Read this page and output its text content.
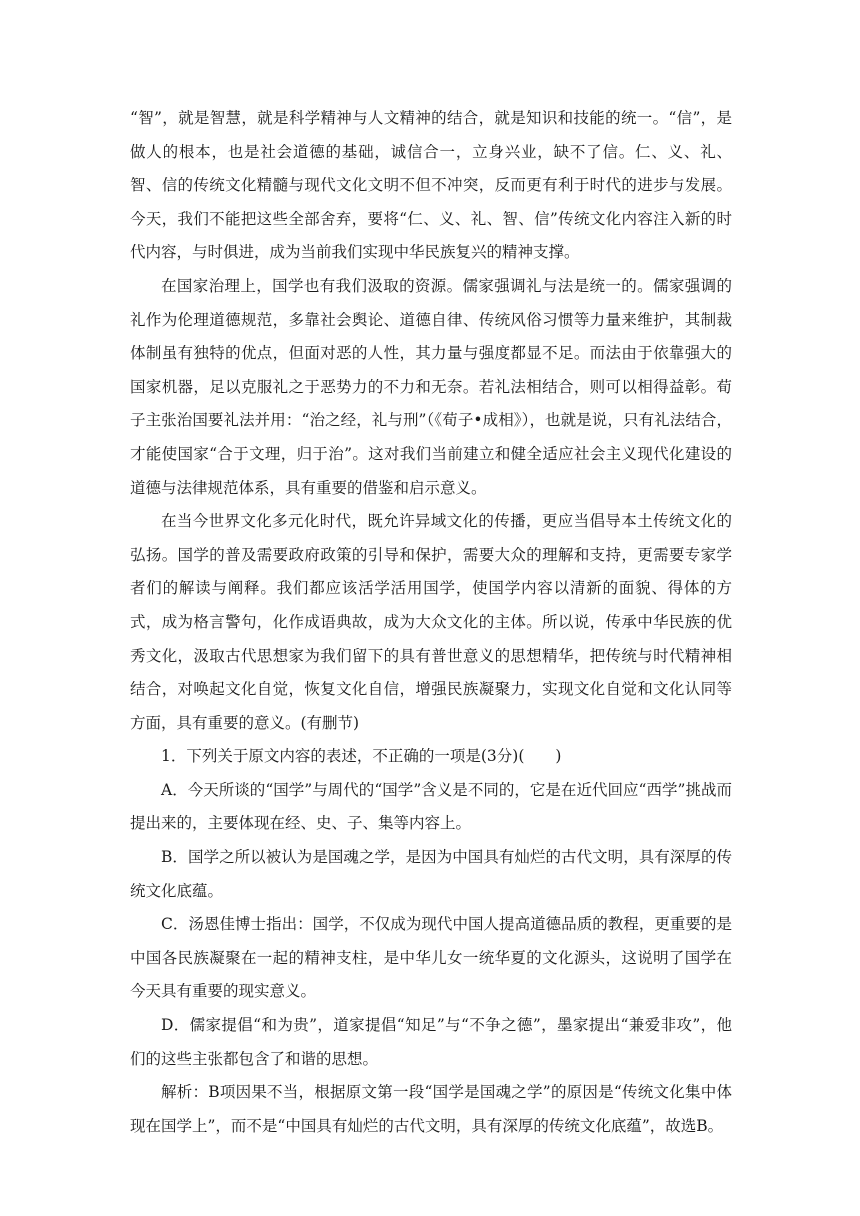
“智”，就是智慧，就是科学精神与人文精神的结合，就是知识和技能的统一。“信”，是做人的根本，也是社会道德的基础，诚信合一，立身兴业，缺不了信。仁、义、礼、智、信的传统文化精髓与现代文化文明不但不冲突，反而更有利于时代的进步与发展。今天，我们不能把这些全部舍弃，要将“仁、义、礼、智、信”传统文化内容注入新的时代内容，与时俱进，成为当前我们实现中华民族复兴的精神支撑。

在国家治理上，国学也有我们汲取的资源。儒家强调礼与法是统一的。儒家强调的礼作为伦理道德规范，多靠社会舆论、道德自律、传统风俗习惯等力量来维护，其制裁体制虽有独特的优点，但面对恶的人性，其力量与强度都显不足。而法由于依靠强大的国家机器，足以克服礼之于恶势力的不力和无奈。若礼法相结合，则可以相得益彰。荀子主张治国要礼法并用：“治之经，礼与刑”（《荀子•成相》），也就是说，只有礼法结合，才能使国家“合于文理，归于治”。这对我们当前建立和健全适应社会主义现代化建设的道德与法律规范体系，具有重要的借鉴和启示意义。

在当今世界文化多元化时代，既允许异域文化的传播，更应当倡导本土传统文化的弘扬。国学的普及需要政府政策的引导和保护，需要大众的理解和支持，更需要专家学者们的解读与阐释。我们都应该活学活用国学，使国学内容以清新的面貌、得体的方式，成为格言警句，化作成语典故，成为大众文化的主体。所以说，传承中华民族的优秀文化，汲取古代思想家为我们留下的具有普世意义的思想精华，把传统与时代精神相结合，对唤起文化自觉，恢复文化自信，增强民族凝聚力，实现文化自觉和文化认同等方面，具有重要的意义。(有删节)

1．下列关于原文内容的表述，不正确的一项是(3分)(　　)

A．今天所谈的“国学”与周代的“国学”含义是不同的，它是在近代回应“西学”挑战而提出来的，主要体现在经、史、子、集等内容上。

B．国学之所以被认为是国魂之学，是因为中国具有灿烂的古代文明，具有深厚的传统文化底蕴。

C．汤恩佳博士指出：国学，不仅成为现代中国人提高道德品质的教程，更重要的是中国各民族凝聚在一起的精神支柱，是中华儿女一统华夏的文化源头，这说明了国学在今天具有重要的现实意义。

D．儒家提倡“和为贵”，道家提倡“知足”与“不争之德”，墨家提出“兼爱非攻”，他们的这些主张都包含了和谐的思想。

解析：B项因果不当，根据原文第一段“国学是国魂之学”的原因是“传统文化集中体现在国学上”，而不是“中国具有灿烂的古代文明，具有深厚的传统文化底蕴”，故选B。
